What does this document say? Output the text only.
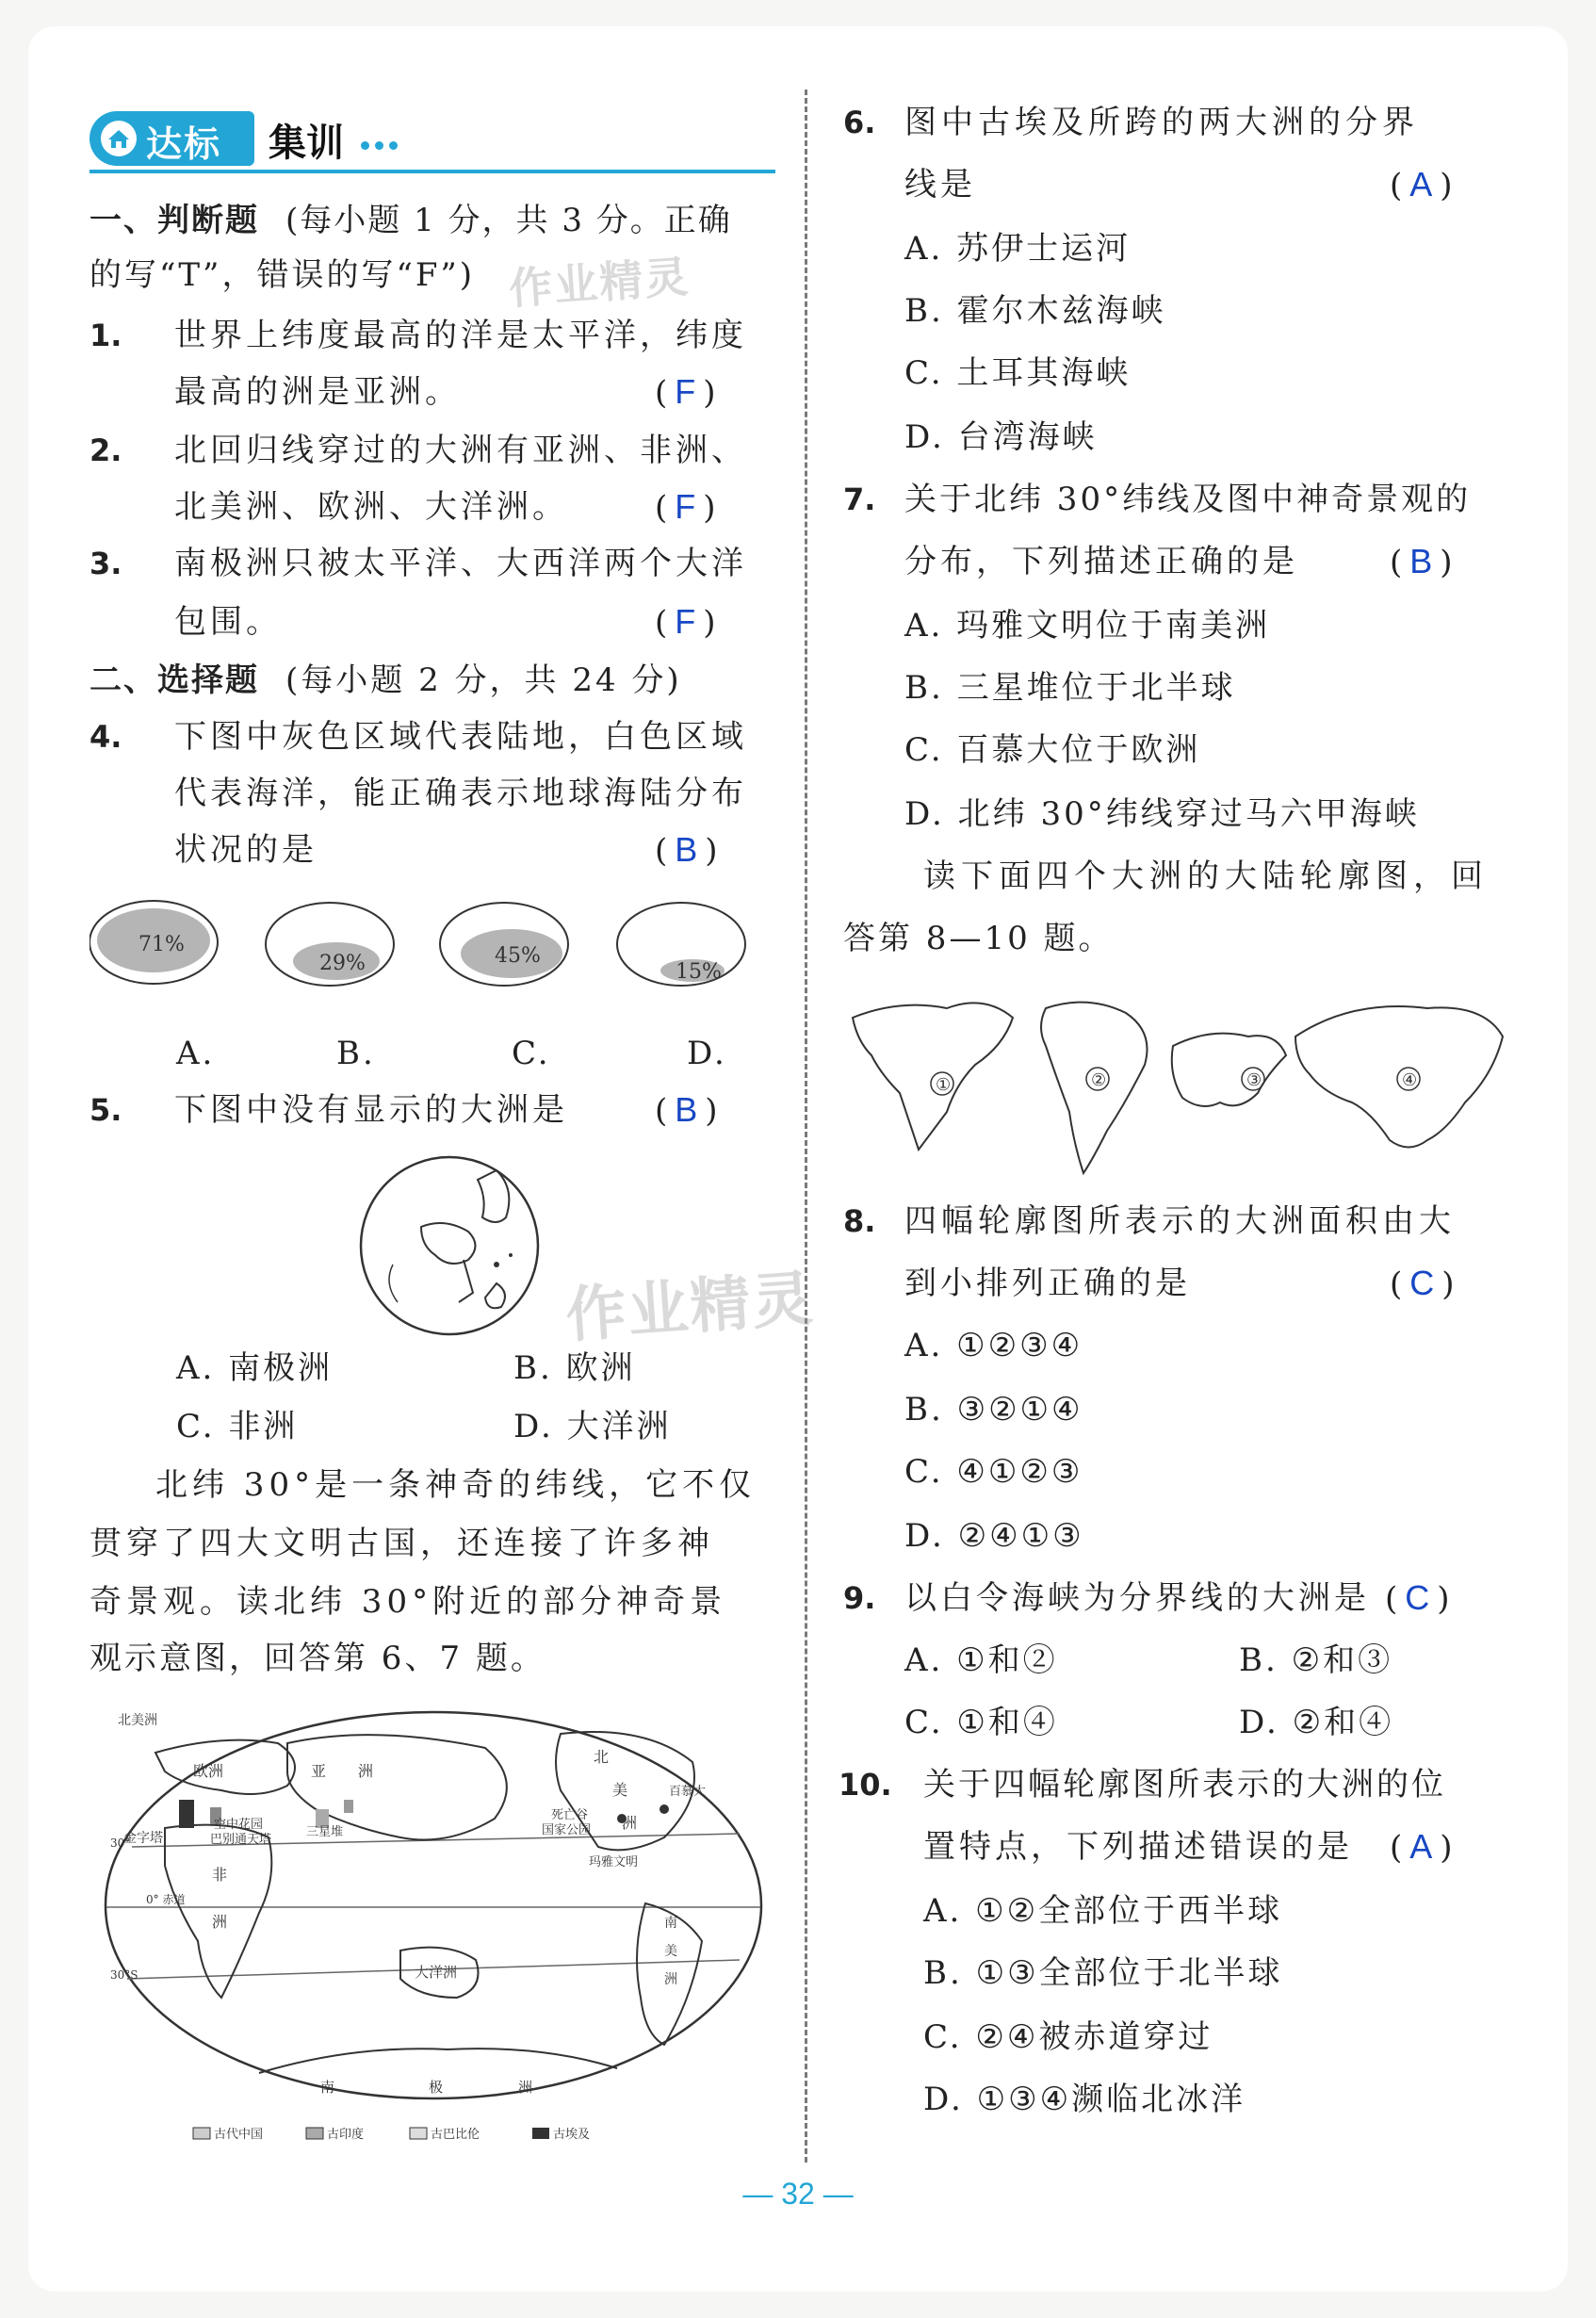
达标 集训
一、判断题 (每小题 1 分，共 3 分。正确
的写“T”，错误的写“F”)
1. 世界上纬度最高的洋是太平洋，纬度
最高的洲是亚洲。	( F )
2. 北回归线穿过的大洲有亚洲、非洲、
北美洲、欧洲、大洋洲。	( F )
3. 南极洲只被太平洋、大西洋两个大洋
包围。	( F )
二、选择题 (每小题 2 分，共 24 分)
4. 下图中灰色区域代表陆地，白色区域
代表海洋，能正确表示地球海陆分布
状况的是	( B )
71%
29%	45%
15%
A.	B.	C.	D.
5. 下图中没有显示的大洲是	( B )
A. 南极洲	B. 欧洲
C. 非洲	D. 大洋洲
北纬 30°是一条神奇的纬线，它不仅
贯穿了四大文明古国，还连接了许多神
奇景观。读北纬 30°附近的部分神奇景
观示意图，回答第 6、7 题。
北美洲
欧洲	亚 洲
非
洲
金字塔
空中花园
巴别通天塔
三星堆
北
美
洲
百慕大
死亡谷
国家公园
玛雅文明
南
美
洲
大洋洲
0° 赤道
30°
30°S
南	极	洲
古代中国	古印度	古巴比伦	古埃及
作业精灵
作业精灵
6. 图中古埃及所跨的两大洲的分界
线是	( A )
A. 苏伊士运河
B. 霍尔木兹海峡
C. 土耳其海峡
D. 台湾海峡
7. 关于北纬 30°纬线及图中神奇景观的
分布，下列描述正确的是	( B )
A. 玛雅文明位于南美洲
B. 三星堆位于北半球
C. 百慕大位于欧洲
D. 北纬 30°纬线穿过马六甲海峡
读下面四个大洲的大陆轮廓图，回
答第 8—10 题。
①	②	③	④
8. 四幅轮廓图所表示的大洲面积由大
到小排列正确的是	( C )
A. ①②③④
B. ③②①④
C. ④①②③
D. ②④①③
9. 以白令海峡为分界线的大洲是 ( C )
A. ①和②	B. ②和③
C. ①和④	D. ②和④
10. 关于四幅轮廓图所表示的大洲的位
置特点，下列描述错误的是 ( A )
A. ①②全部位于西半球
B. ①③全部位于北半球
C. ②④被赤道穿过
D. ①③④濒临北冰洋
— 32 —
